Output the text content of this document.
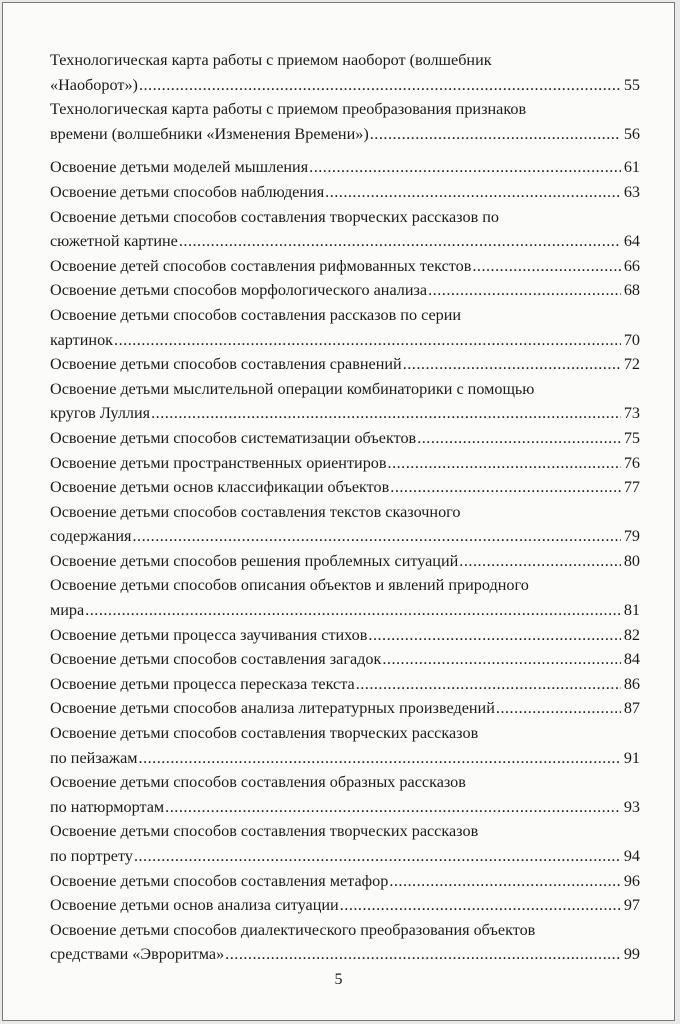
Технологическая карта работы с приемом наоборот (волшебник
«Наоборот») .....	55
Технологическая карта работы с приемом преобразования признаков
времени (волшебники «Изменения Времени») .....	56
Освоение детьми моделей мышления .....	61
Освоение детьми способов наблюдения .....	63
Освоение детьми способов составления творческих рассказов по
сюжетной картине .....	64
Освоение детей способов составления рифмованных текстов .....	66
Освоение детьми способов морфологического анализа .....	68
Освоение детьми способов составления рассказов по серии
картинок .....	70
Освоение детьми способов составления сравнений .....	72
Освоение детьми мыслительной операции комбинаторики с помощью
кругов Луллия .....	73
Освоение детьми способов систематизации объектов .....	75
Освоение детьми пространственных ориентиров .....	76
Освоение детьми основ классификации объектов .....	77
Освоение детьми способов составления текстов сказочного
содержания .....	79
Освоение детьми способов решения проблемных ситуаций .....	80
Освоение детьми способов описания объектов и явлений природного
мира .....	81
Освоение детьми процесса заучивания стихов .....	82
Освоение детьми способов составления загадок .....	84
Освоение детьми процесса пересказа текста .....	86
Освоение детьми способов анализа литературных произведений .....	87
Освоение детьми способов составления творческих рассказов
по пейзажам .....	91
Освоение детьми способов составления образных рассказов
по натюрмортам .....	93
Освоение детьми способов составления творческих рассказов
по портрету .....	94
Освоение детьми способов составления метафор .....	96
Освоение детьми основ анализа ситуации .....	97
Освоение детьми способов диалектического преобразования объектов
средствами «Эвроритма» .....	99
5
